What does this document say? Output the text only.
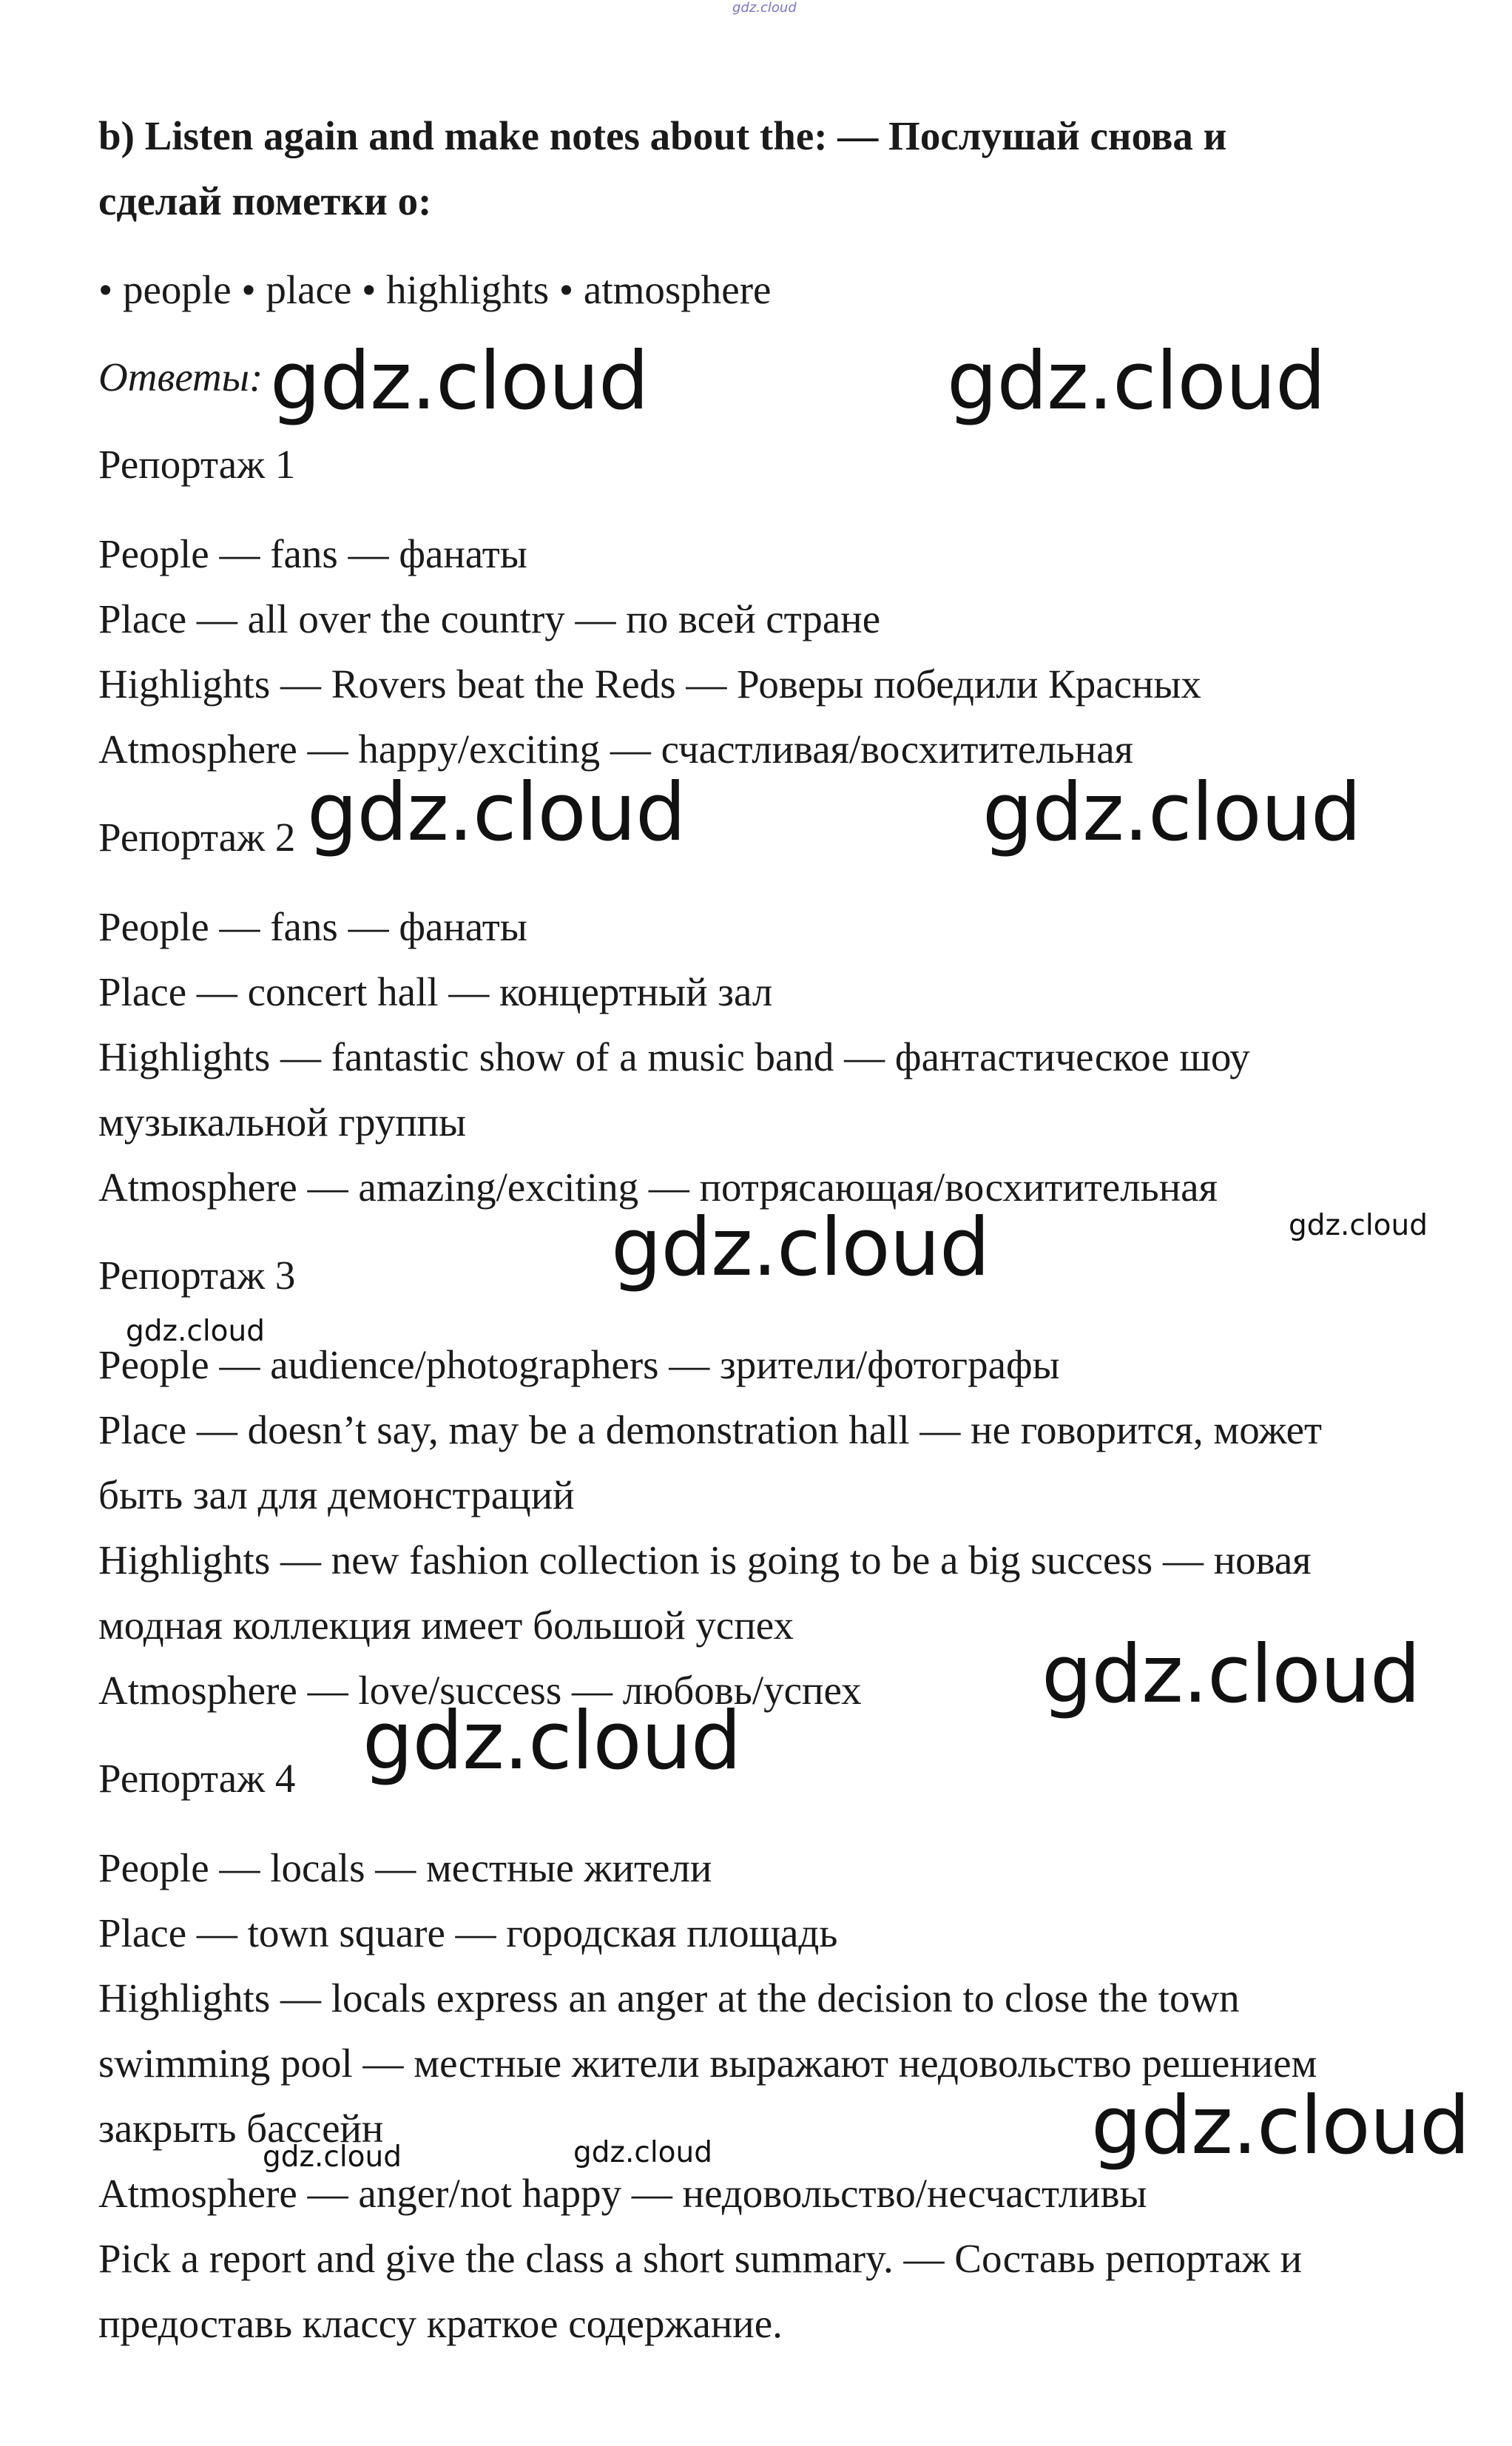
gdz.cloud
b) Listen again and make notes about the: — Послушай снова и
сделай пометки о:
• people • place • highlights • atmosphere
Ответы:
Репортаж 1
People — fans — фанаты
Place — all over the country — по всей стране
Highlights — Rovers beat the Reds — Роверы победили Красных
Atmosphere — happy/exciting — счастливая/восхитительная
Репортаж 2
People — fans — фанаты
Place — concert hall — концертный зал
Highlights — fantastic show of a music band — фантастическое шоу
музыкальной группы
Atmosphere — amazing/exciting — потрясающая/восхитительная
Репортаж 3
People — audience/photographers — зрители/фотографы
Place — doesn’t say, may be a demonstration hall — не говорится, может
быть зал для демонстраций
Highlights — new fashion collection is going to be a big success — новая
модная коллекция имеет большой успех
Atmosphere — love/success — любовь/успех
Репортаж 4
People — locals — местные жители
Place — town square — городская площадь
Highlights — locals express an anger at the decision to close the town
swimming pool — местные жители выражают недовольство решением
закрыть бассейн
Atmosphere — anger/not happy — недовольство/несчастливы
Pick a report and give the class a short summary. — Составь репортаж и
предоставь классу краткое содержание.
gdz.cloud	gdz.cloud
gdz.cloud	gdz.cloud
gdz.cloud	gdz.cloud
gdz.cloud
gdz.cloud
gdz.cloud
gdz.cloud
gdz.cloud	gdz.cloud
